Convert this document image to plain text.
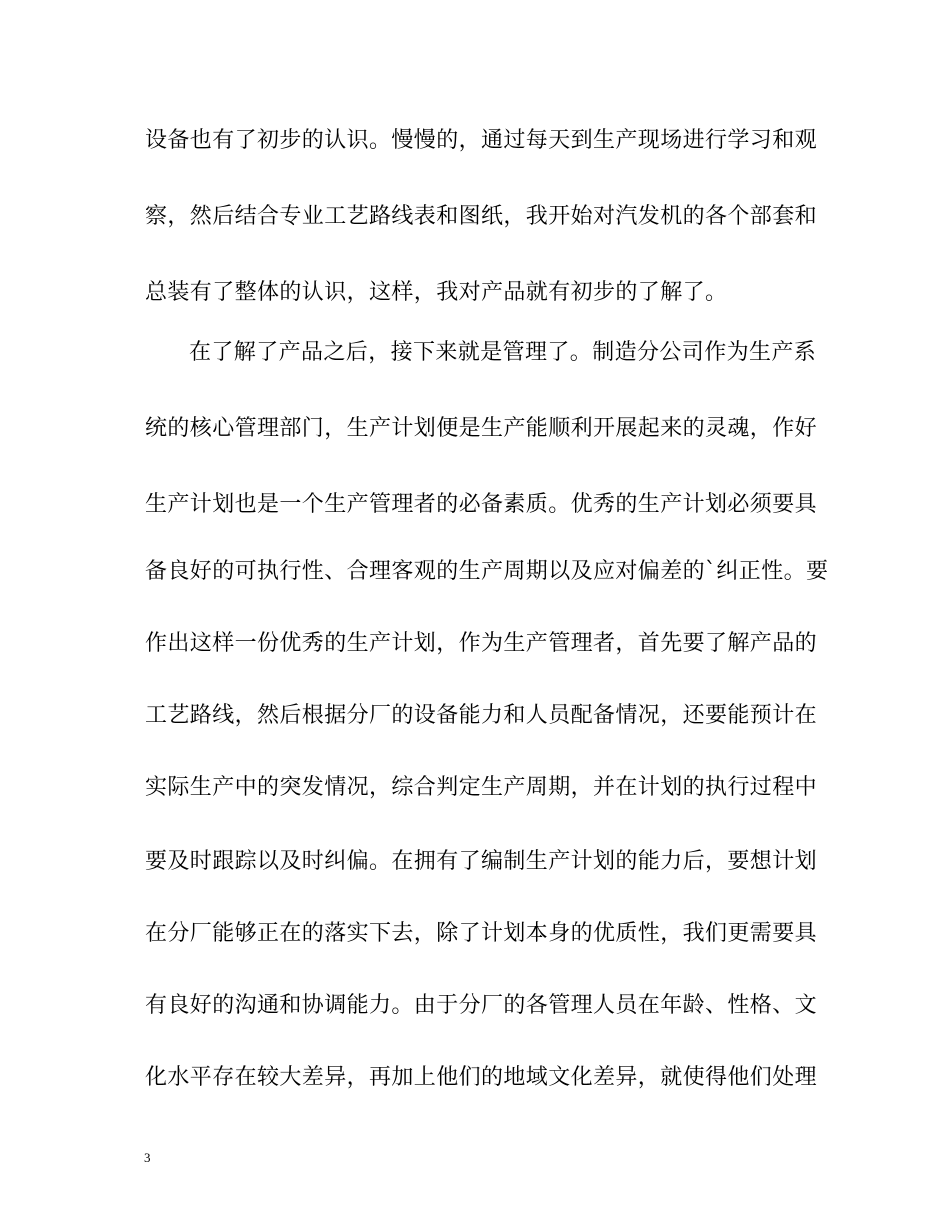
设备也有了初步的认识。慢慢的，通过每天到生产现场进行学习和观
察，然后结合专业工艺路线表和图纸，我开始对汽发机的各个部套和
总装有了整体的认识，这样，我对产品就有初步的了解了。
在了解了产品之后，接下来就是管理了。制造分公司作为生产系
统的核心管理部门，生产计划便是生产能顺利开展起来的灵魂，作好
生产计划也是一个生产管理者的必备素质。优秀的生产计划必须要具
备良好的可执行性、合理客观的生产周期以及应对偏差的`纠正性。要
作出这样一份优秀的生产计划，作为生产管理者，首先要了解产品的
工艺路线，然后根据分厂的设备能力和人员配备情况，还要能预计在
实际生产中的突发情况，综合判定生产周期，并在计划的执行过程中
要及时跟踪以及时纠偏。在拥有了编制生产计划的能力后，要想计划
在分厂能够正在的落实下去，除了计划本身的优质性，我们更需要具
有良好的沟通和协调能力。由于分厂的各管理人员在年龄、性格、文
化水平存在较大差异，再加上他们的地域文化差异，就使得他们处理
3
